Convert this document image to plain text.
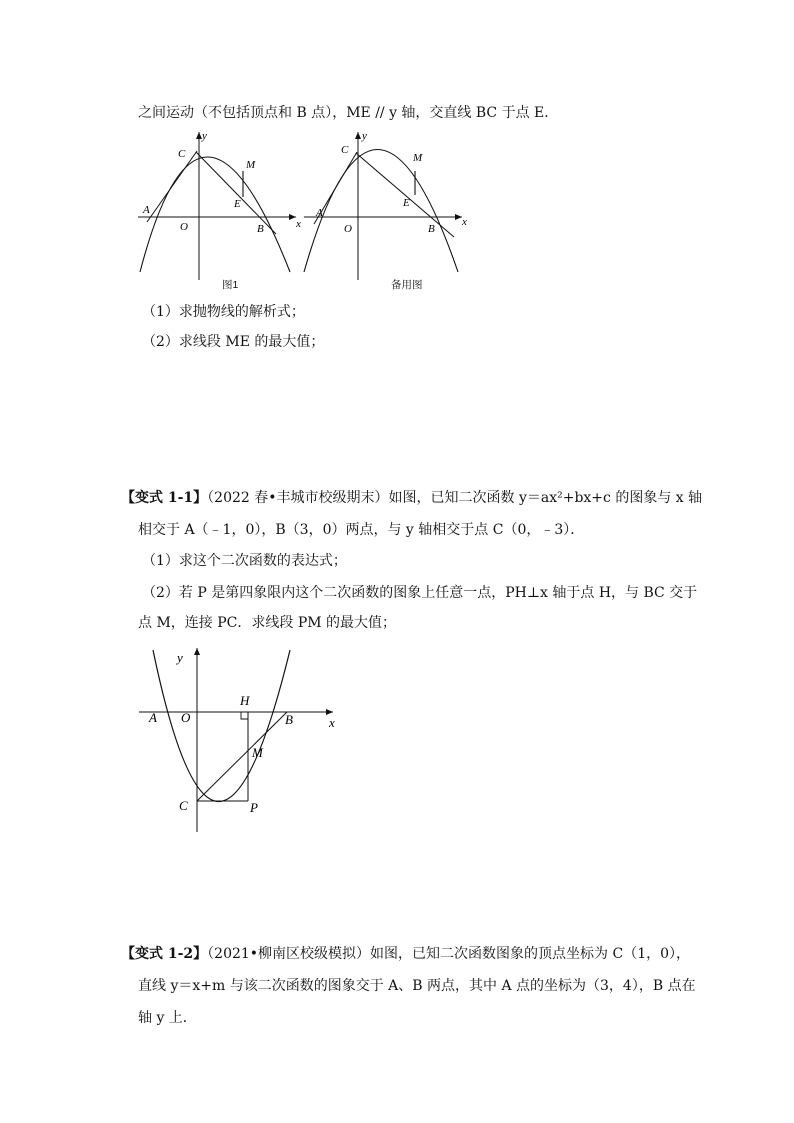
之间运动（不包括顶点和 B 点），ME // y 轴，交直线 BC 于点 E．
y
x
C
M
A	E
O	B
图1
y
x
C
M
A
E
O	B
备用图
（1）求抛物线的解析式；
（2）求线段 ME 的最大值；
【变式 1-1】（2022 春•丰城市校级期末）如图，已知二次函数 y＝ax²+bx+c 的图象与 x 轴
相交于 A（﹣1，0），B（3，0）两点，与 y 轴相交于点 C（0，﹣3）．
（1）求这个二次函数的表达式；
（2）若 P 是第四象限内这个二次函数的图象上任意一点，PH⊥x 轴于点 H，与 BC 交于
点 M，连接 PC．求线段 PM 的最大值；
y
x
H
A O	B
M
C	P
【变式 1-2】（2021•柳南区校级模拟）如图，已知二次函数图象的顶点坐标为 C（1，0），
直线 y＝x+m 与该二次函数的图象交于 A、B 两点，其中 A 点的坐标为（3，4），B 点在
轴 y 上．
